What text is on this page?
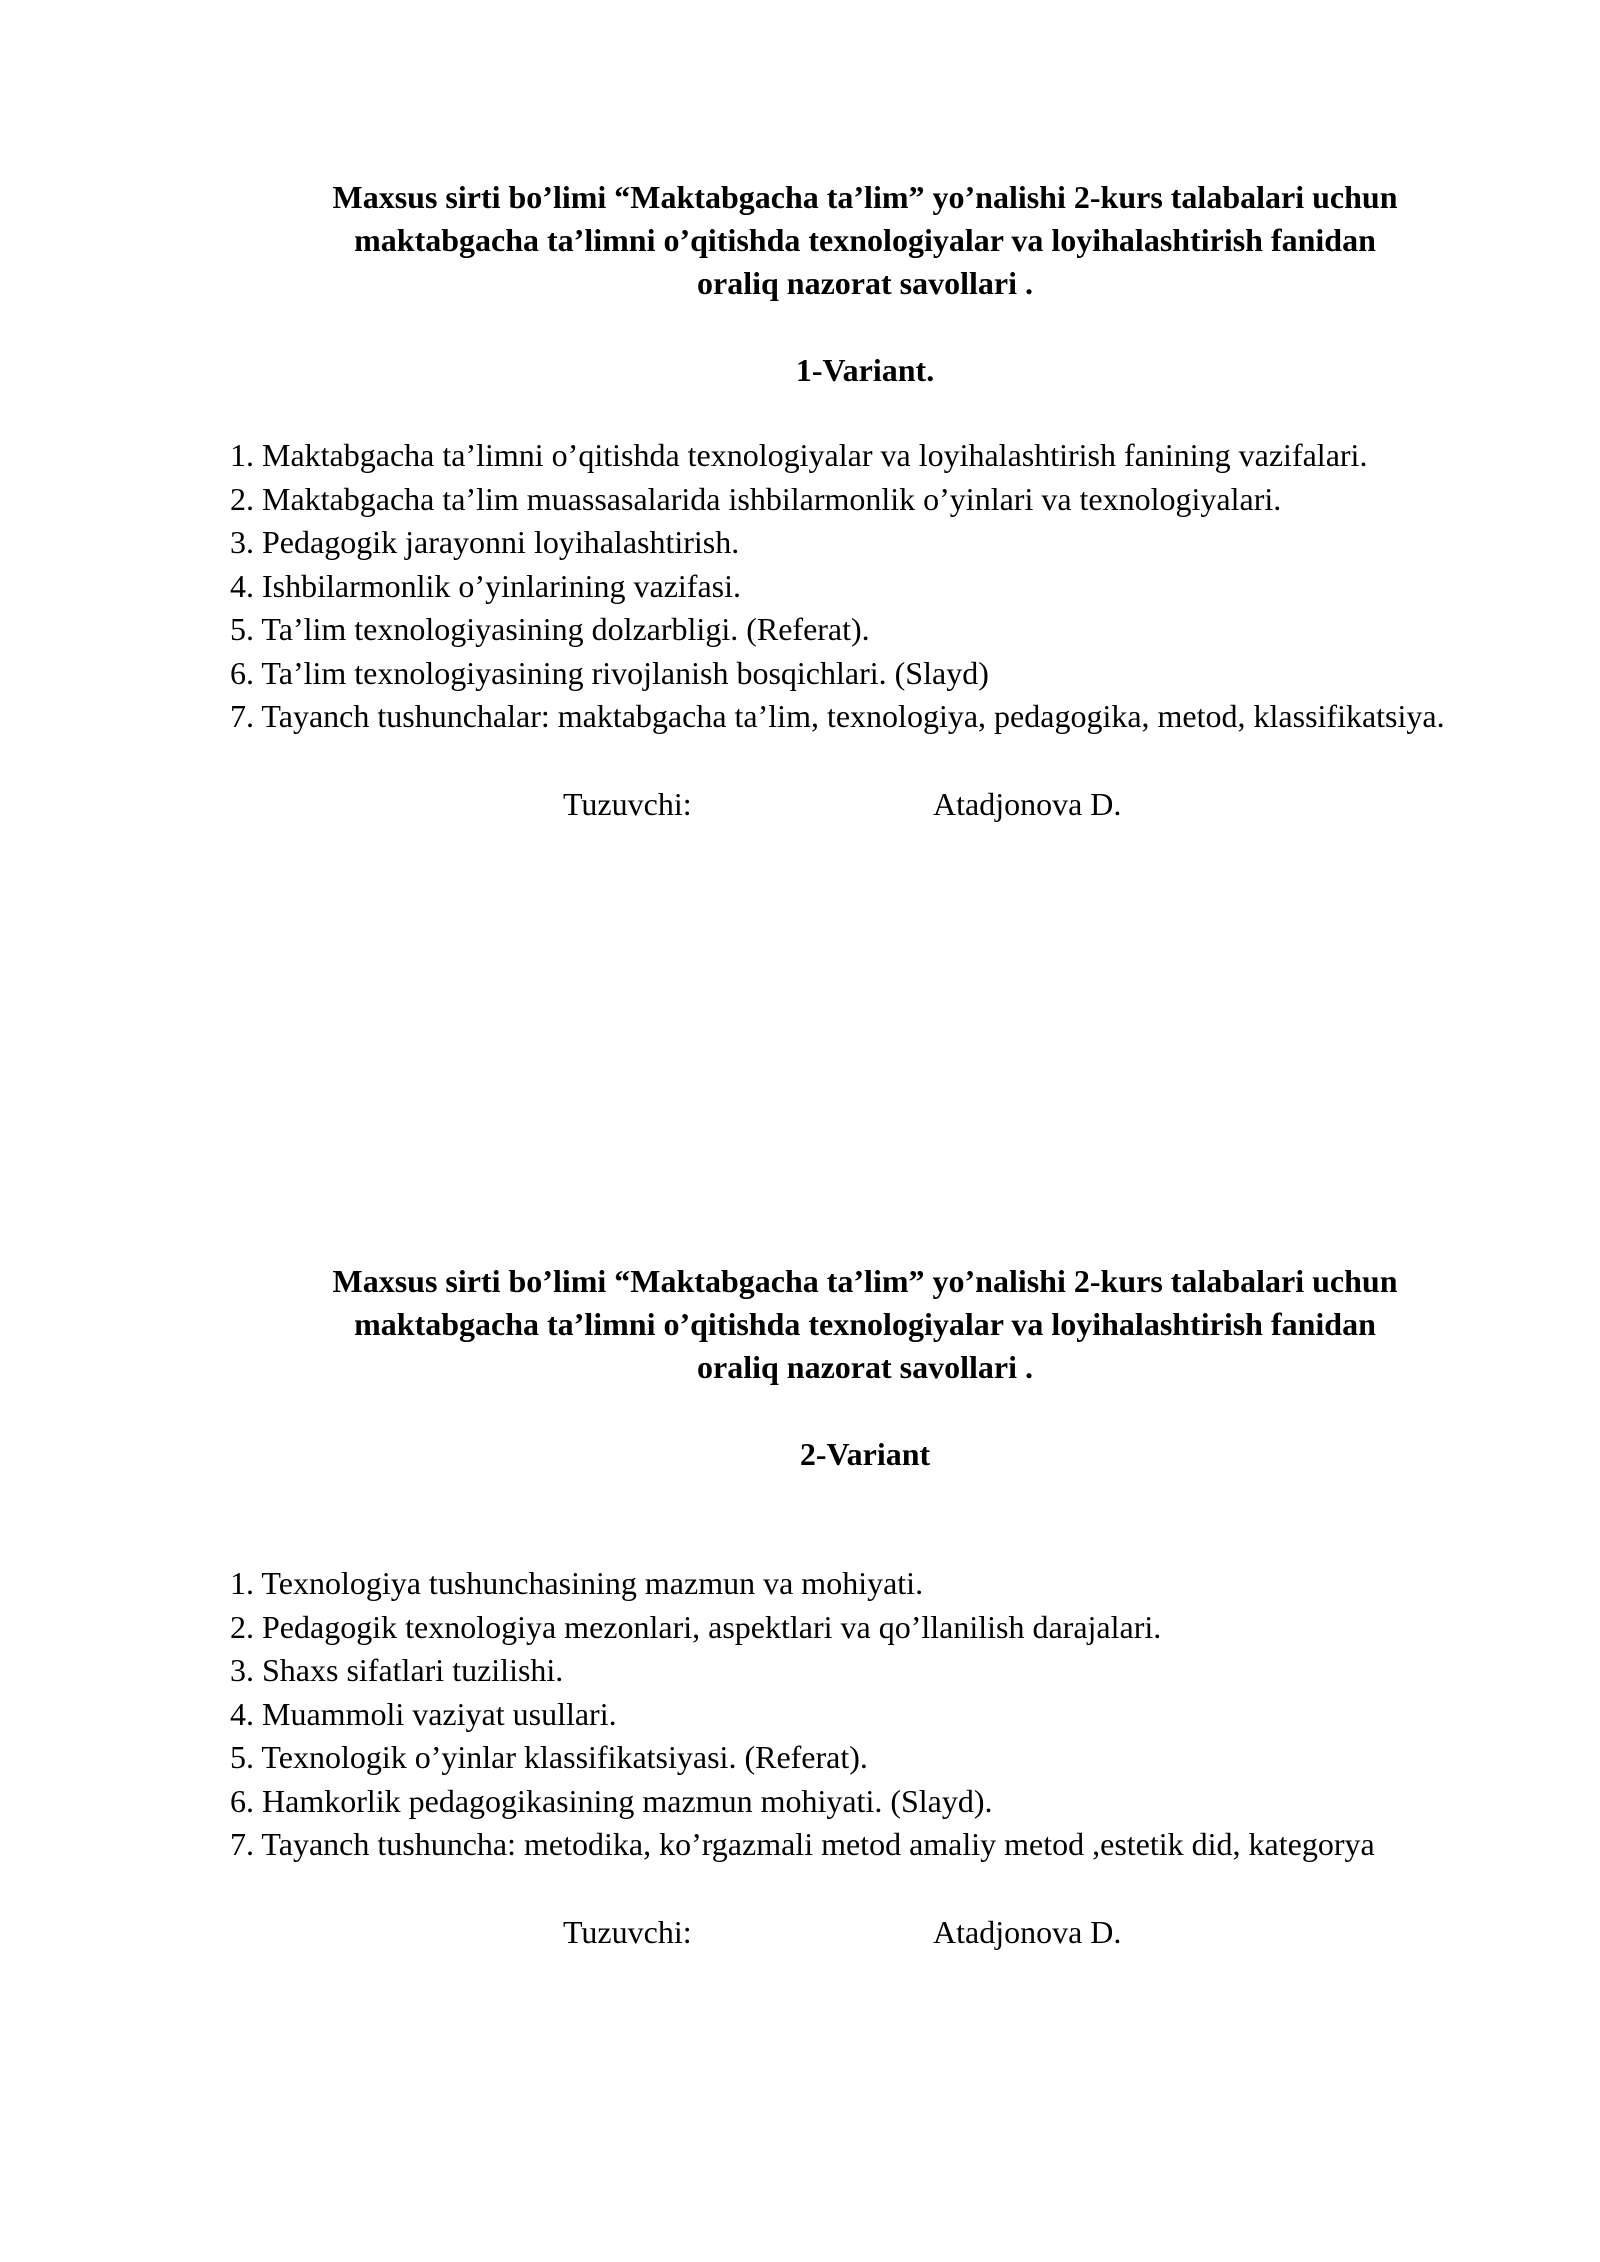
Maxsus sirti bo’limi “Maktabgacha ta’lim” yo’nalishi 2-kurs talabalari uchun
maktabgacha ta’limni o’qitishda texnologiyalar va loyihalashtirish fanidan
oraliq nazorat savollari .
1-Variant.
1. Maktabgacha ta’limni o’qitishda texnologiyalar va loyihalashtirish fanining vazifalari.
2. Maktabgacha ta’lim muassasalarida ishbilarmonlik o’yinlari va texnologiyalari.
3. Pedagogik jarayonni loyihalashtirish.
4. Ishbilarmonlik o’yinlarining vazifasi.
5. Ta’lim texnologiyasining dolzarbligi. (Referat).
6. Ta’lim texnologiyasining rivojlanish bosqichlari. (Slayd)
7. Tayanch tushunchalar: maktabgacha ta’lim, texnologiya, pedagogika, metod, klassifikatsiya.
Tuzuvchi:	Atadjonova D.
Maxsus sirti bo’limi “Maktabgacha ta’lim” yo’nalishi 2-kurs talabalari uchun
maktabgacha ta’limni o’qitishda texnologiyalar va loyihalashtirish fanidan
oraliq nazorat savollari .
2-Variant
1. Texnologiya tushunchasining mazmun va mohiyati.
2. Pedagogik texnologiya mezonlari, aspektlari va qo’llanilish darajalari.
3. Shaxs sifatlari tuzilishi.
4. Muammoli vaziyat usullari.
5. Texnologik o’yinlar klassifikatsiyasi. (Referat).
6. Hamkorlik pedagogikasining mazmun mohiyati. (Slayd).
7. Tayanch tushuncha: metodika, ko’rgazmali metod amaliy metod ,estetik did, kategorya
Tuzuvchi:	Atadjonova D.
